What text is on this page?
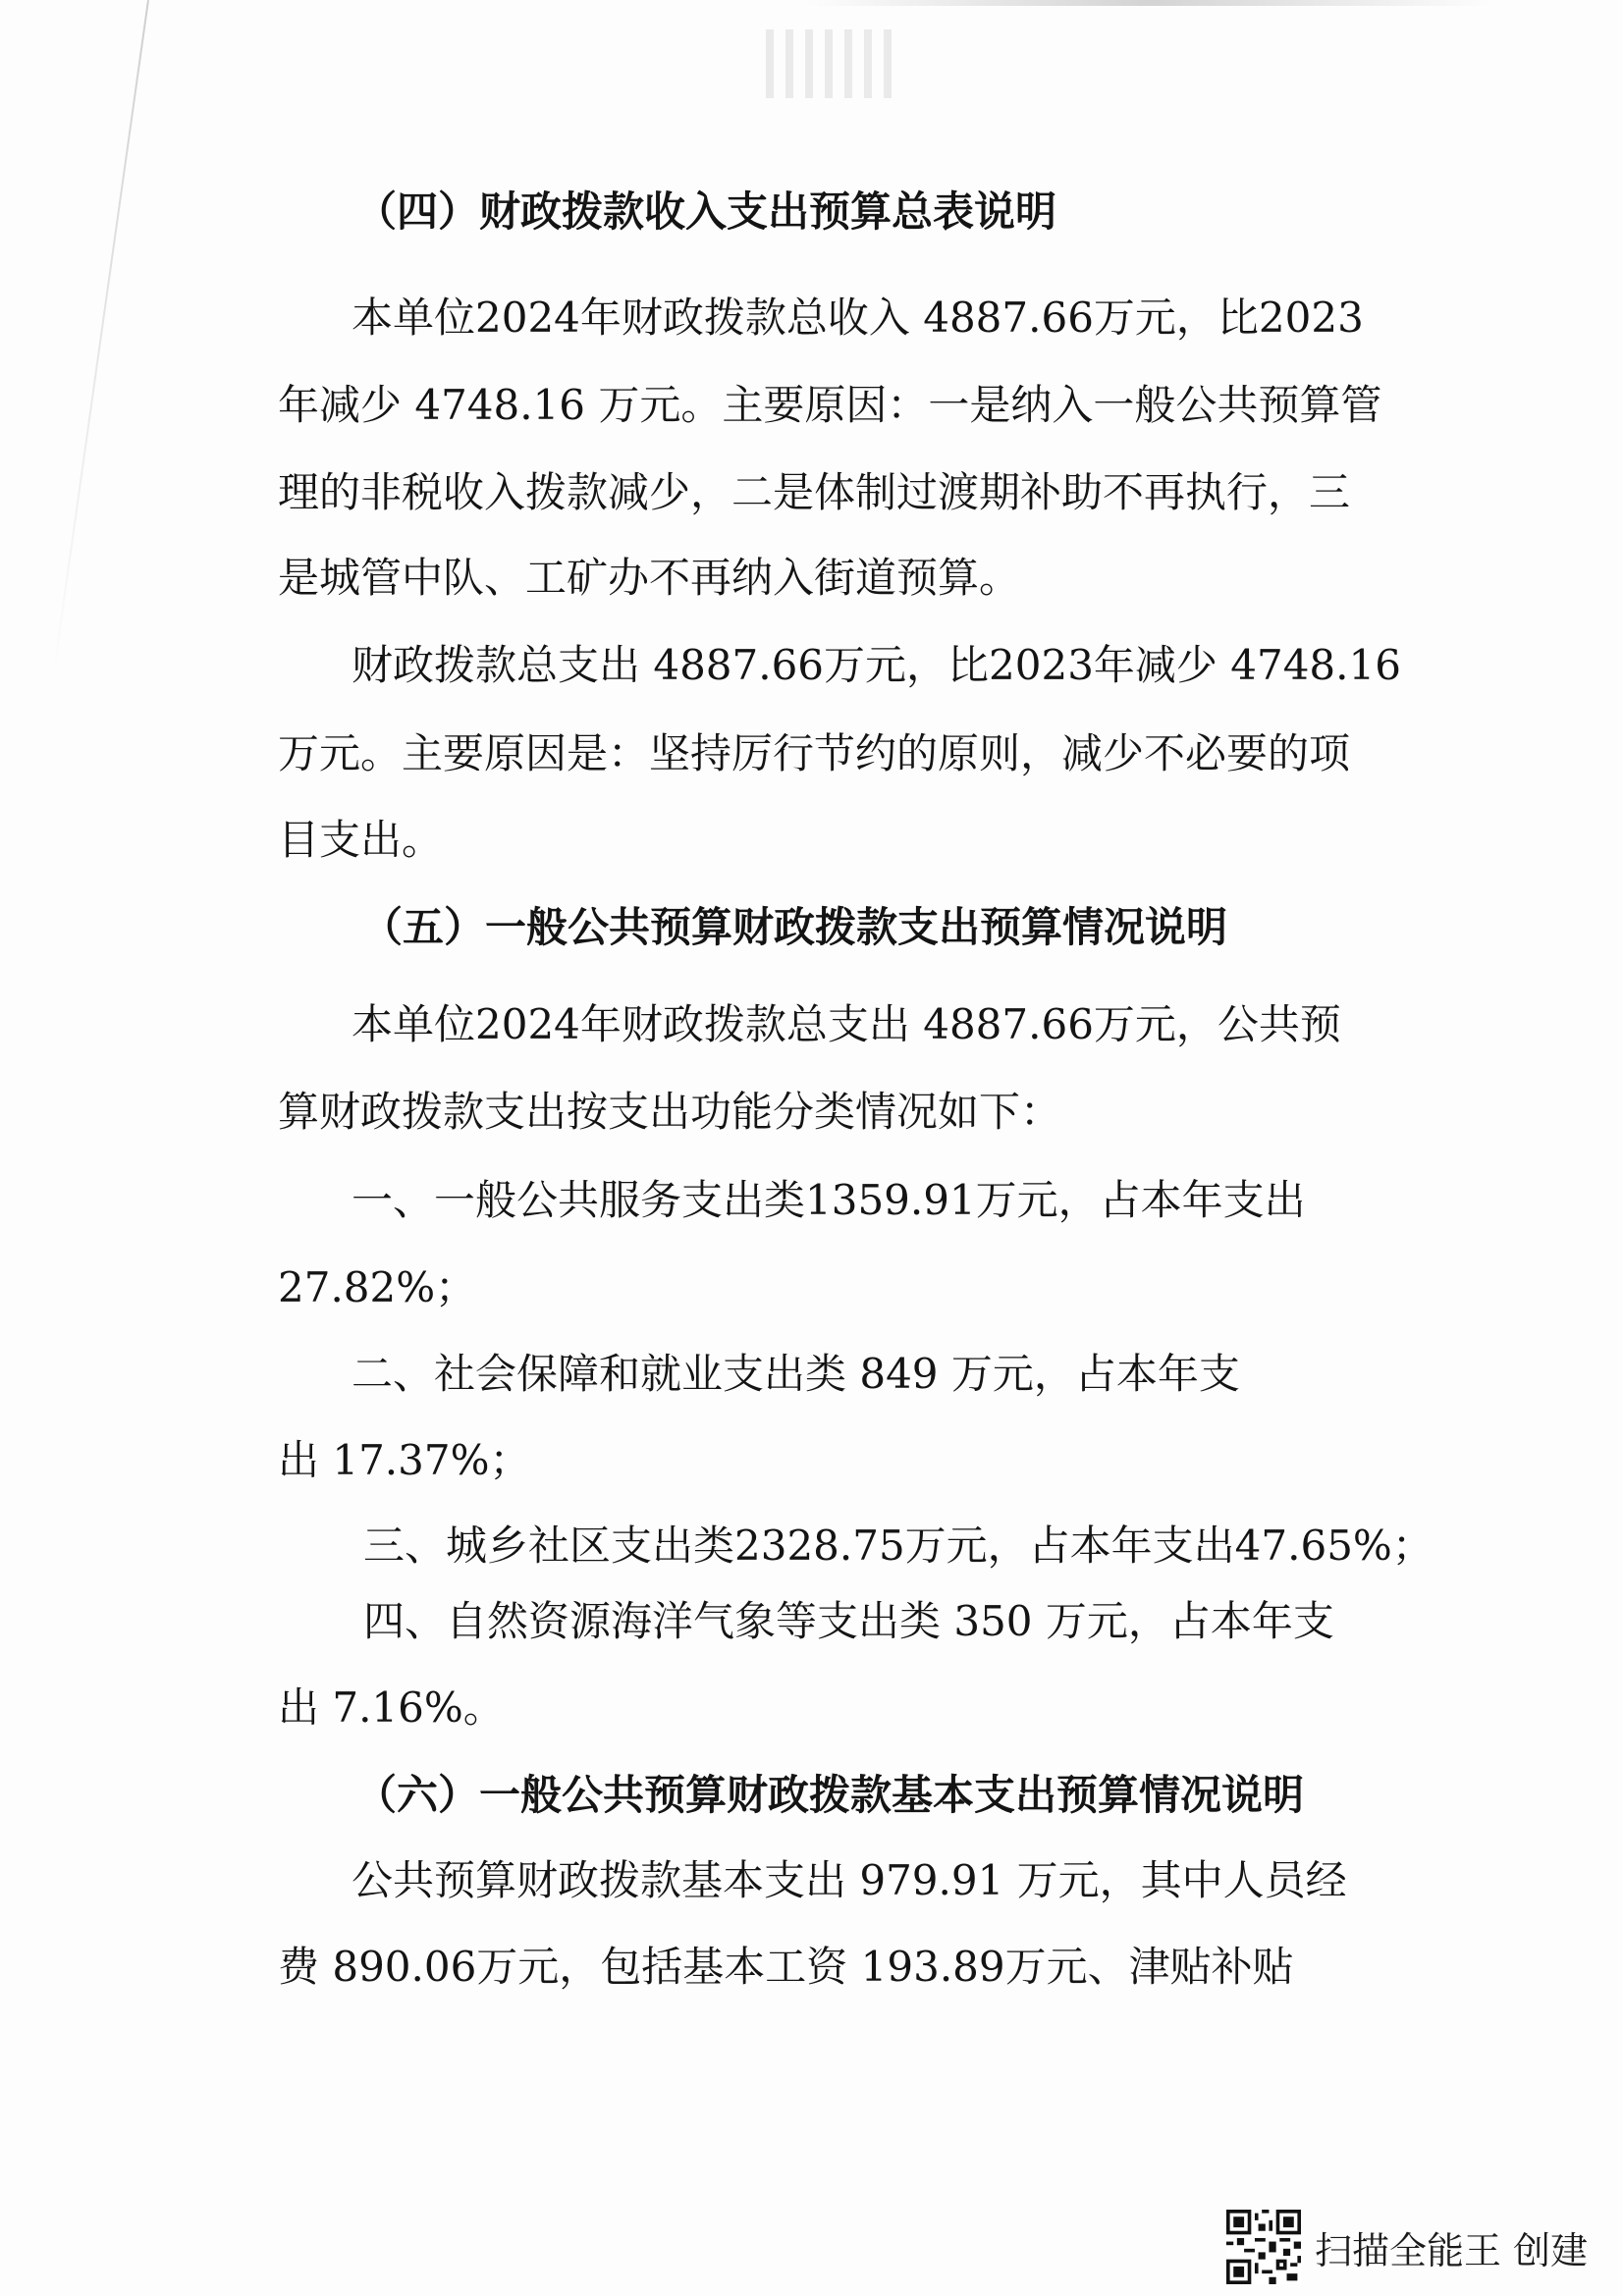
（四）财政拨款收入支出预算总表说明

本单位2024年财政拨款总收入 4887.66万元，比2023

年减少 4748.16 万元。主要原因：一是纳入一般公共预算管

理的非税收入拨款减少，二是体制过渡期补助不再执行，三

是城管中队、工矿办不再纳入街道预算。

财政拨款总支出 4887.66万元，比2023年减少 4748.16

万元。主要原因是：坚持厉行节约的原则，减少不必要的项

目支出。

（五）一般公共预算财政拨款支出预算情况说明

本单位2024年财政拨款总支出 4887.66万元，公共预

算财政拨款支出按支出功能分类情况如下：

一、一般公共服务支出类1359.91万元，占本年支出

27.82%；

二、社会保障和就业支出类 849 万元，占本年支

出 17.37%；

三、城乡社区支出类2328.75万元，占本年支出47.65%；

四、自然资源海洋气象等支出类 350 万元，占本年支

出 7.16%。

（六）一般公共预算财政拨款基本支出预算情况说明

公共预算财政拨款基本支出 979.91 万元，其中人员经

费 890.06万元，包括基本工资 193.89万元、津贴补贴

扫描全能王 创建
